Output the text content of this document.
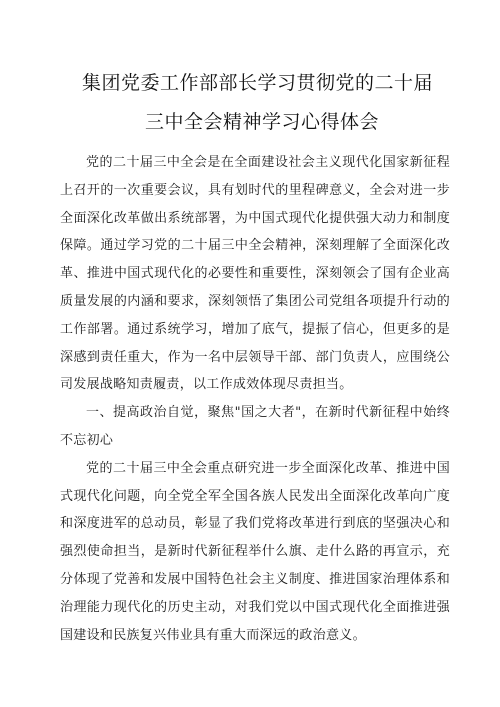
集团党委工作部部长学习贯彻党的二十届
三中全会精神学习心得体会

党的二十届三中全会是在全面建设社会主义现代化国家新征程上召开的一次重要会议，具有划时代的里程碑意义，全会对进一步全面深化改革做出系统部署，为中国式现代化提供强大动力和制度保障。通过学习党的二十届三中全会精神，深刻理解了全面深化改革、推进中国式现代化的必要性和重要性，深刻领会了国有企业高质量发展的内涵和要求，深刻领悟了集团公司党组各项提升行动的工作部署。通过系统学习，增加了底气，提振了信心，但更多的是深感到责任重大，作为一名中层领导干部、部门负责人，应围绕公司发展战略知责履责，以工作成效体现尽责担当。

一、提高政治自觉，聚焦"国之大者"，在新时代新征程中始终不忘初心

党的二十届三中全会重点研究进一步全面深化改革、推进中国式现代化问题，向全党全军全国各族人民发出全面深化改革向广度和深度进军的总动员，彰显了我们党将改革进行到底的坚强决心和强烈使命担当，是新时代新征程举什么旗、走什么路的再宣示，充分体现了党善和发展中国特色社会主义制度、推进国家治理体系和治理能力现代化的历史主动，对我们党以中国式现代化全面推进强国建设和民族复兴伟业具有重大而深远的政治意义。
